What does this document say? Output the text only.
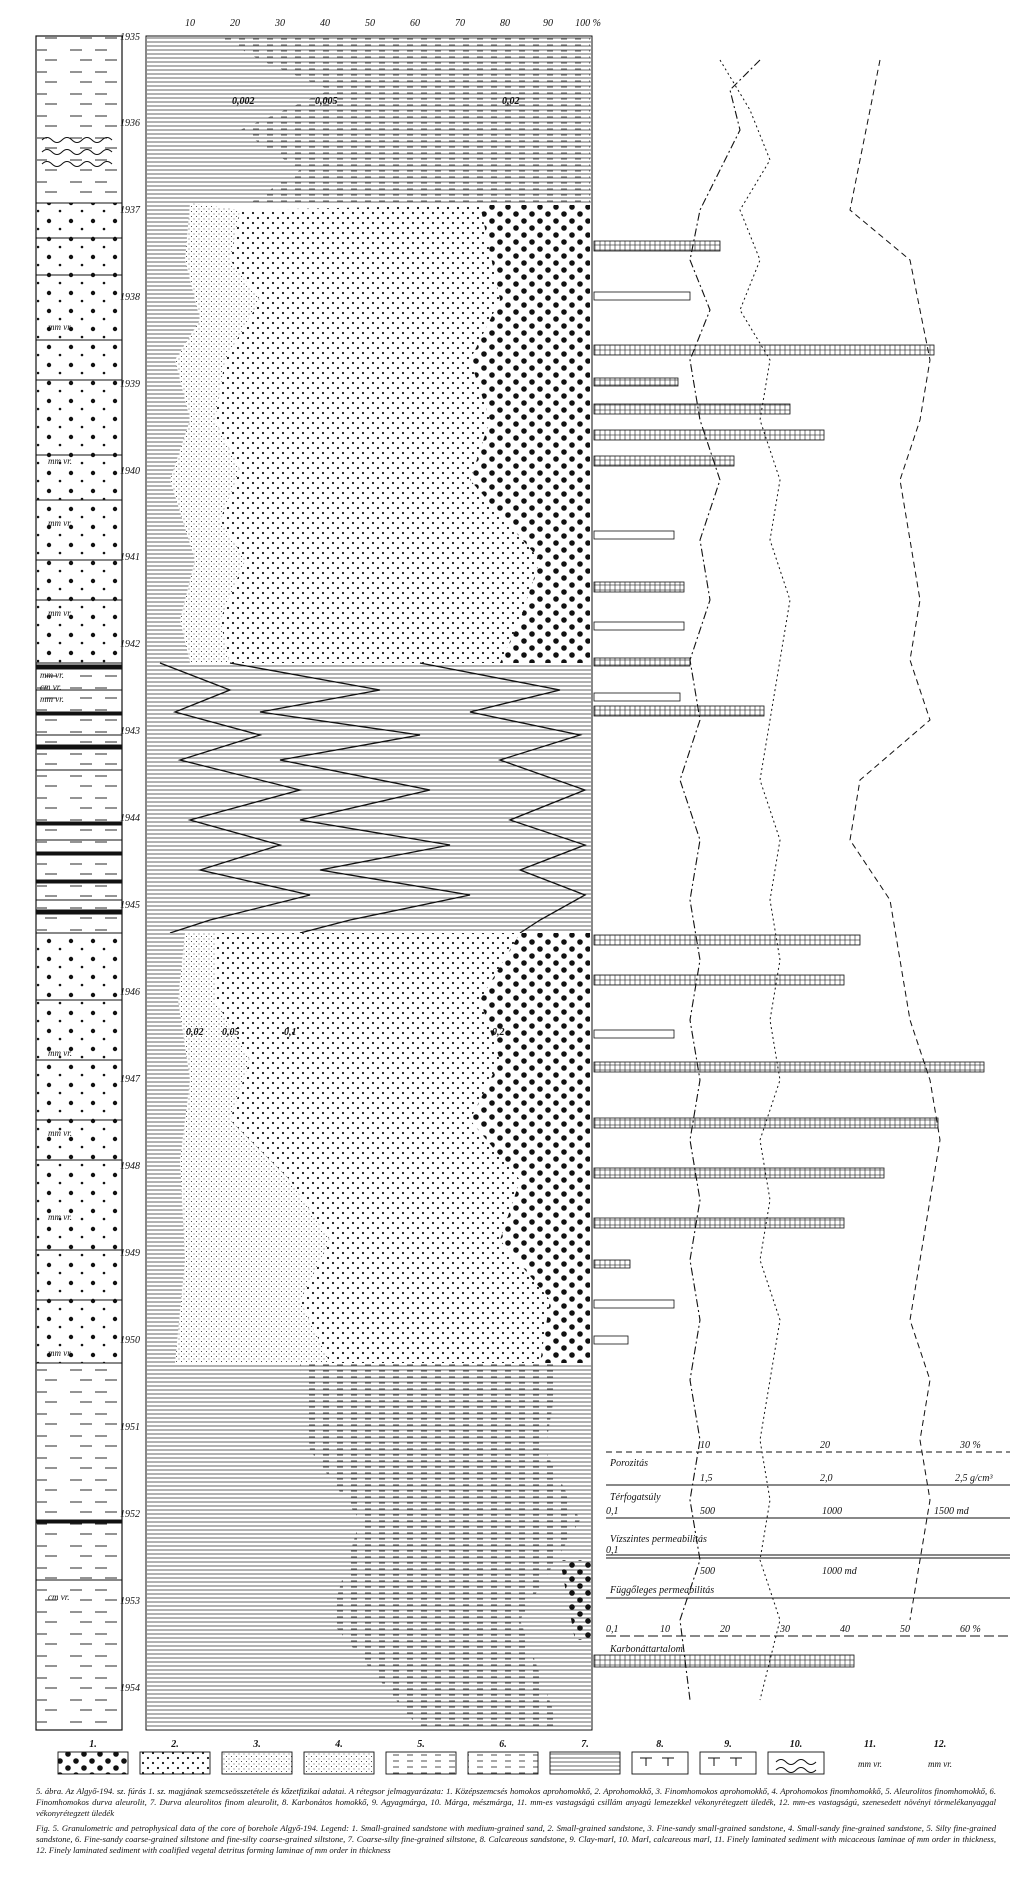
1935
1936
1937
1938
1939
1940
1941
1942
1943
1944
1945
1946
1947
1948
1949
1950
1951
1952
1953
1954
10	20	30	40	50	60	70	80	90 100 %
0,002	0,005	0,02
0,02 0,05	0,1	0,2
mm vr.
mm vr.
mm vr.
mm vr.
mm vr.
cm vr.
mm vr.
mm vr.
mm vr.
mm vr.
mm vr.
cm vr.
Porozitás
10	20	30 %
Térfogatsúly
1,5	2,0	2,5 g/cm³
0,1	500	1000	1500 md
Vízszintes permeabilitás
0,1
500	1000 md
Függőleges permeabilitás
0,1	10	20	30	40	50	60 %
Karbonáttartalom
1.	2.	3.	4.	5.	6.	7.	8.	9.	10.	11.	12.
mm vr.	mm vr.

5. ábra. Az Algyő-194. sz. fúrás 1. sz. magjának szemcseösszetétele és kőzetfizikai adatai. A rétegsor jelmagyarázata: 1. Középszemcsés homokos aprohomokkő, 2. Aprohomokkő, 3. Finomhomokos aprohomokkő, 4. Aprohomokos finomhomokkő, 5. Aleurolitos finomhomokkő, 6. Finomhomokos durva aleurolit, 7. Durva aleurolitos finom aleurolit, 8. Karbonátos homokkő, 9. Agyagmárga, 10. Márga, mészmárga, 11. mm-es vastagságú csillám anyagú lemezekkel vékonyrétegzett üledék, 12. mm-es vastagságú, szenesedett növényi törmelékanyaggal vékonyrétegzett üledék

Fig. 5. Granulometric and petrophysical data of the core of borehole Algyő-194. Legend: 1. Small-grained sandstone with medium-grained sand, 2. Small-grained sandstone, 3. Fine-sandy small-grained sandstone, 4. Small-sandy fine-grained sandstone, 5. Silty fine-grained sandstone, 6. Fine-sandy coarse-grained siltstone and fine-silty coarse-grained siltstone, 7. Coarse-silty fine-grained siltstone, 8. Calcareous sandstone, 9. Clay-marl, 10. Marl, calcareous marl, 11. Finely laminated sediment with micaceous laminae of mm order in thickness, 12. Finely laminated sediment with coalified vegetal detritus forming laminae of mm order in thickness
